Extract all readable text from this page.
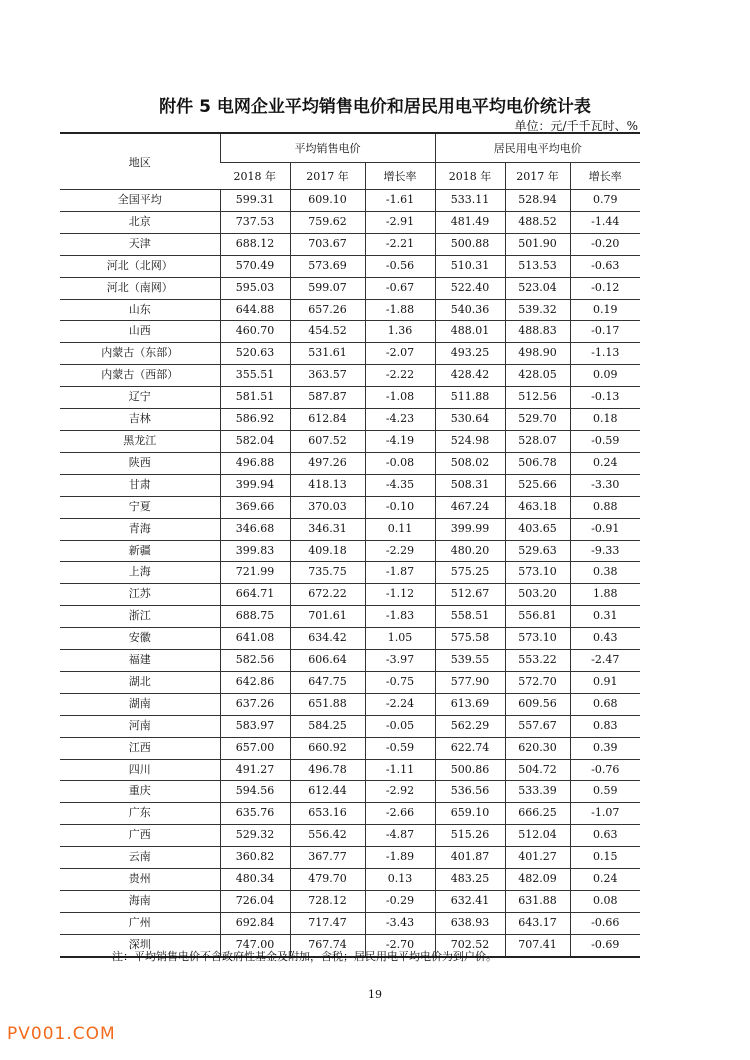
附件 5 电网企业平均销售电价和居民用电平均电价统计表
单位：元/千千瓦时、%
地区	平均销售电价			居民用电平均电价		
	2018 年	2017 年	增长率	2018 年	2017 年	增长率
全国平均	599.31	609.10	-1.61	533.11	528.94	0.79
北京	737.53	759.62	-2.91	481.49	488.52	-1.44
天津	688.12	703.67	-2.21	500.88	501.90	-0.20
河北（北网）	570.49	573.69	-0.56	510.31	513.53	-0.63
河北（南网）	595.03	599.07	-0.67	522.40	523.04	-0.12
山东	644.88	657.26	-1.88	540.36	539.32	0.19
山西	460.70	454.52	1.36	488.01	488.83	-0.17
内蒙古（东部）	520.63	531.61	-2.07	493.25	498.90	-1.13
内蒙古（西部）	355.51	363.57	-2.22	428.42	428.05	0.09
辽宁	581.51	587.87	-1.08	511.88	512.56	-0.13
吉林	586.92	612.84	-4.23	530.64	529.70	0.18
黑龙江	582.04	607.52	-4.19	524.98	528.07	-0.59
陕西	496.88	497.26	-0.08	508.02	506.78	0.24
甘肃	399.94	418.13	-4.35	508.31	525.66	-3.30
宁夏	369.66	370.03	-0.10	467.24	463.18	0.88
青海	346.68	346.31	0.11	399.99	403.65	-0.91
新疆	399.83	409.18	-2.29	480.20	529.63	-9.33
上海	721.99	735.75	-1.87	575.25	573.10	0.38
江苏	664.71	672.22	-1.12	512.67	503.20	1.88
浙江	688.75	701.61	-1.83	558.51	556.81	0.31
安徽	641.08	634.42	1.05	575.58	573.10	0.43
福建	582.56	606.64	-3.97	539.55	553.22	-2.47
湖北	642.86	647.75	-0.75	577.90	572.70	0.91
湖南	637.26	651.88	-2.24	613.69	609.56	0.68
河南	583.97	584.25	-0.05	562.29	557.67	0.83
江西	657.00	660.92	-0.59	622.74	620.30	0.39
四川	491.27	496.78	-1.11	500.86	504.72	-0.76
重庆	594.56	612.44	-2.92	536.56	533.39	0.59
广东	635.76	653.16	-2.66	659.10	666.25	-1.07
广西	529.32	556.42	-4.87	515.26	512.04	0.63
云南	360.82	367.77	-1.89	401.87	401.27	0.15
贵州	480.34	479.70	0.13	483.25	482.09	0.24
海南	726.04	728.12	-0.29	632.41	631.88	0.08
广州	692.84	717.47	-3.43	638.93	643.17	-0.66
深圳	747.00	767.74	-2.70	702.52	707.41	-0.69
注：平均销售电价不含政府性基金及附加，含税；居民用电平均电价为到户价。
19
PV001.COM
